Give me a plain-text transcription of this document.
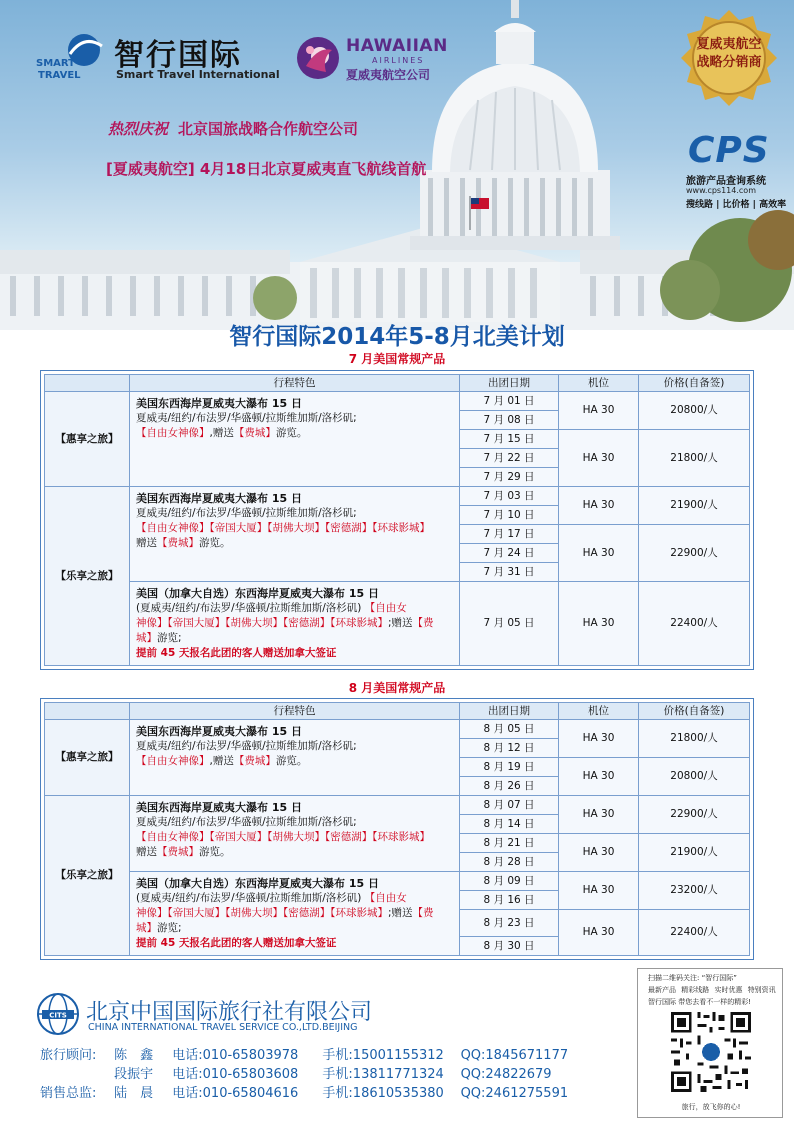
SMART
TRAVEL
智行国际
Smart Travel International
HAWAIIAN
AIRLINES
夏威夷航空公司
夏威夷航空
战略分销商
CPS
旅游产品查询系统
www.cps114.com
搜线路 | 比价格 | 高效率
热烈庆祝 北京国旅战略合作航空公司
[夏威夷航空] 4月18日北京夏威夷直飞航线首航
智行国际2014年5-8月北美计划
7 月美国常规产品
	行程特色	出团日期	机位	价格(自备签)
【惠享之旅】	美国东西海岸夏威夷大瀑布 15 日
夏威夷/纽约/布法罗/华盛顿/拉斯维加斯/洛杉矶;
【自由女神像】,赠送【费城】游览。	7 月 01 日	HA 30	20800/人
		7 月 08 日		
		7 月 15 日	HA 30	21800/人
		7 月 22 日		
		7 月 29 日		
【乐享之旅】	美国东西海岸夏威夷大瀑布 15 日
夏威夷/纽约/布法罗/华盛顿/拉斯维加斯/洛杉矶;
【自由女神像】【帝国大厦】【胡佛大坝】【密德湖】【环球影城】
赠送【费城】游览。	7 月 03 日	HA 30	21900/人
		7 月 10 日		
		7 月 17 日	HA 30	22900/人
		7 月 24 日		
		7 月 31 日		

	美国（加拿大自选）东西海岸夏威夷大瀑布 15 日
(夏威夷/纽约/布法罗/华盛顿/拉斯维加斯/洛杉矶) 【自由女
神像】【帝国大厦】【胡佛大坝】【密德湖】【环球影城】;赠送【费
城】游览;
提前 45 天报名此团的客人赠送加拿大签证	7 月 05 日	HA 30	22400/人
8 月美国常规产品
	行程特色	出团日期	机位	价格(自备签)
【惠享之旅】	美国东西海岸夏威夷大瀑布 15 日
夏威夷/纽约/布法罗/华盛顿/拉斯维加斯/洛杉矶;
【自由女神像】,赠送【费城】游览。	8 月 05 日	HA 30	21800/人
		8 月 12 日		
		8 月 19 日	HA 30	20800/人
		8 月 26 日		
【乐享之旅】	美国东西海岸夏威夷大瀑布 15 日
夏威夷/纽约/布法罗/华盛顿/拉斯维加斯/洛杉矶;
【自由女神像】【帝国大厦】【胡佛大坝】【密德湖】【环球影城】
赠送【费城】游览。	8 月 07 日	HA 30	22900/人
		8 月 14 日		
		8 月 21 日	HA 30	21900/人
		8 月 28 日		

	美国（加拿大自选）东西海岸夏威夷大瀑布 15 日
(夏威夷/纽约/布法罗/华盛顿/拉斯维加斯/洛杉矶) 【自由女
神像】【帝国大厦】【胡佛大坝】【密德湖】【环球影城】;赠送【费
城】游览;
提前 45 天报名此团的客人赠送加拿大签证	8 月 09 日	HA 30	23200/人
		8 月 16 日		
		8 月 23 日	HA 30	22400/人
		8 月 30 日		
CITS 北京中国国际旅行社有限公司
CHINA INTERNATIONAL TRAVEL SERVICE CO.,LTD.BEIJING
旅行顾问: 陈　鑫 电话:010-65803978 手机:15001155312 QQ:1845671177
段振宇 电话:010-65803608 手机:13811771324 QQ:24822679
销售总监: 陆　晨 电话:010-65804616 手机:18610535380 QQ:2461275591
扫描二维码关注: “智行国际”
最新产品 精彩线路 实时优惠 特别资讯
智行国际 带您去看不一样的精彩!
旅行，放飞你的心!
